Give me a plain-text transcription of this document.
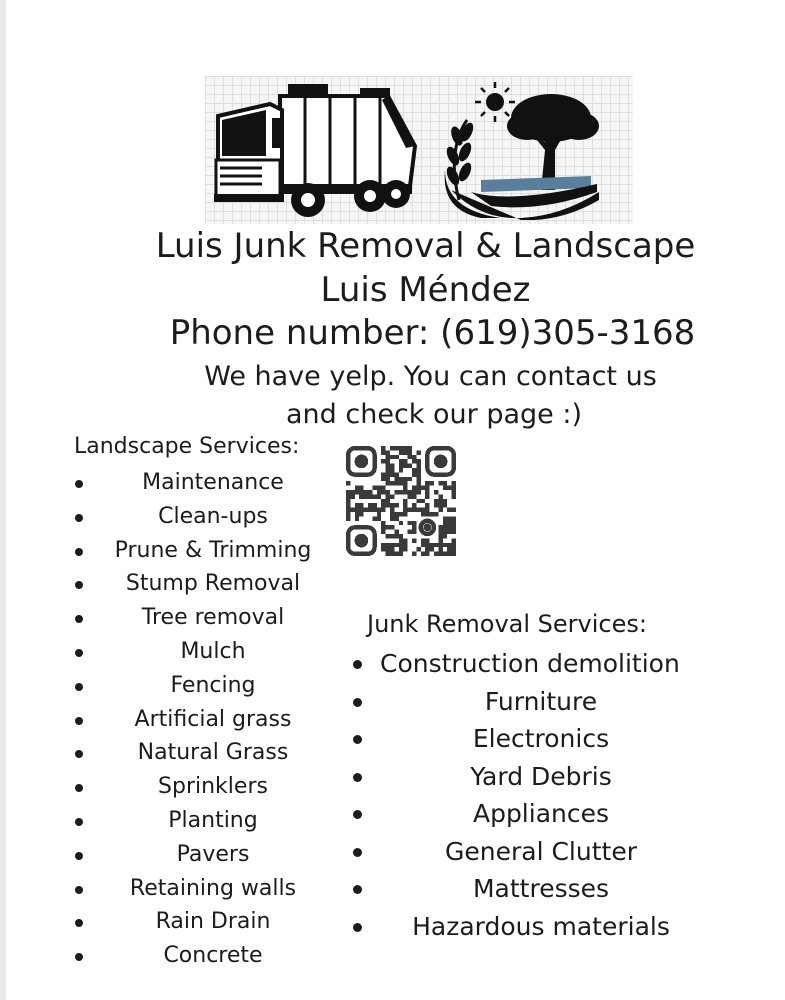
Luis Junk Removal & Landscape
Luis Méndez
Phone number: (619)305-3168
We have yelp. You can contact us
and check our page :)
Landscape Services:
Maintenance
Clean-ups
Prune & Trimming
Stump Removal
Tree removal
Mulch
Fencing
Artificial grass
Natural Grass
Sprinklers
Planting
Pavers
Retaining walls
Rain Drain
Concrete
Junk Removal Services:
Construction demolition
Furniture
Electronics
Yard Debris
Appliances
General Clutter
Mattresses
Hazardous materials
